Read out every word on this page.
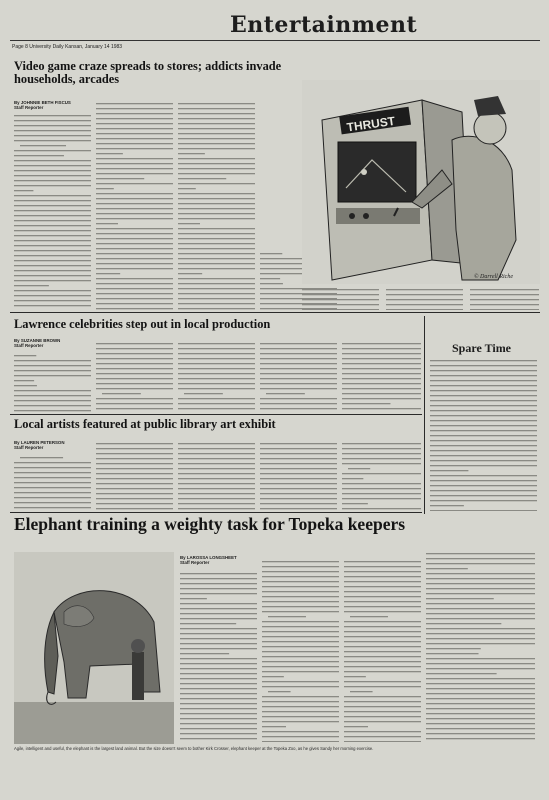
Entertainment
Page 8 University Daily Kansan, January 14 1983
Video game craze spreads to stores; addicts invade households, arcades
By JOHNNIE BETH FISCUS
Staff Reporter
THRUST
© Darrell Riche
Lawrence celebrities step out in local production
By SUZANNE BROWN
Staff Reporter
Local artists featured at public library art exhibit
By LAUREN PETERSON
Staff Reporter
Elephant training a weighty task for Topeka keepers
By LAROSSA LONGSHEET
Staff Reporter
Agile, intelligent and useful, the elephant is the largest land animal. But the size doesn't seem to bother Kirk Crosser, elephant keeper at the Topeka Zoo, as he gives Sandy her morning exercise.
Spare Time
